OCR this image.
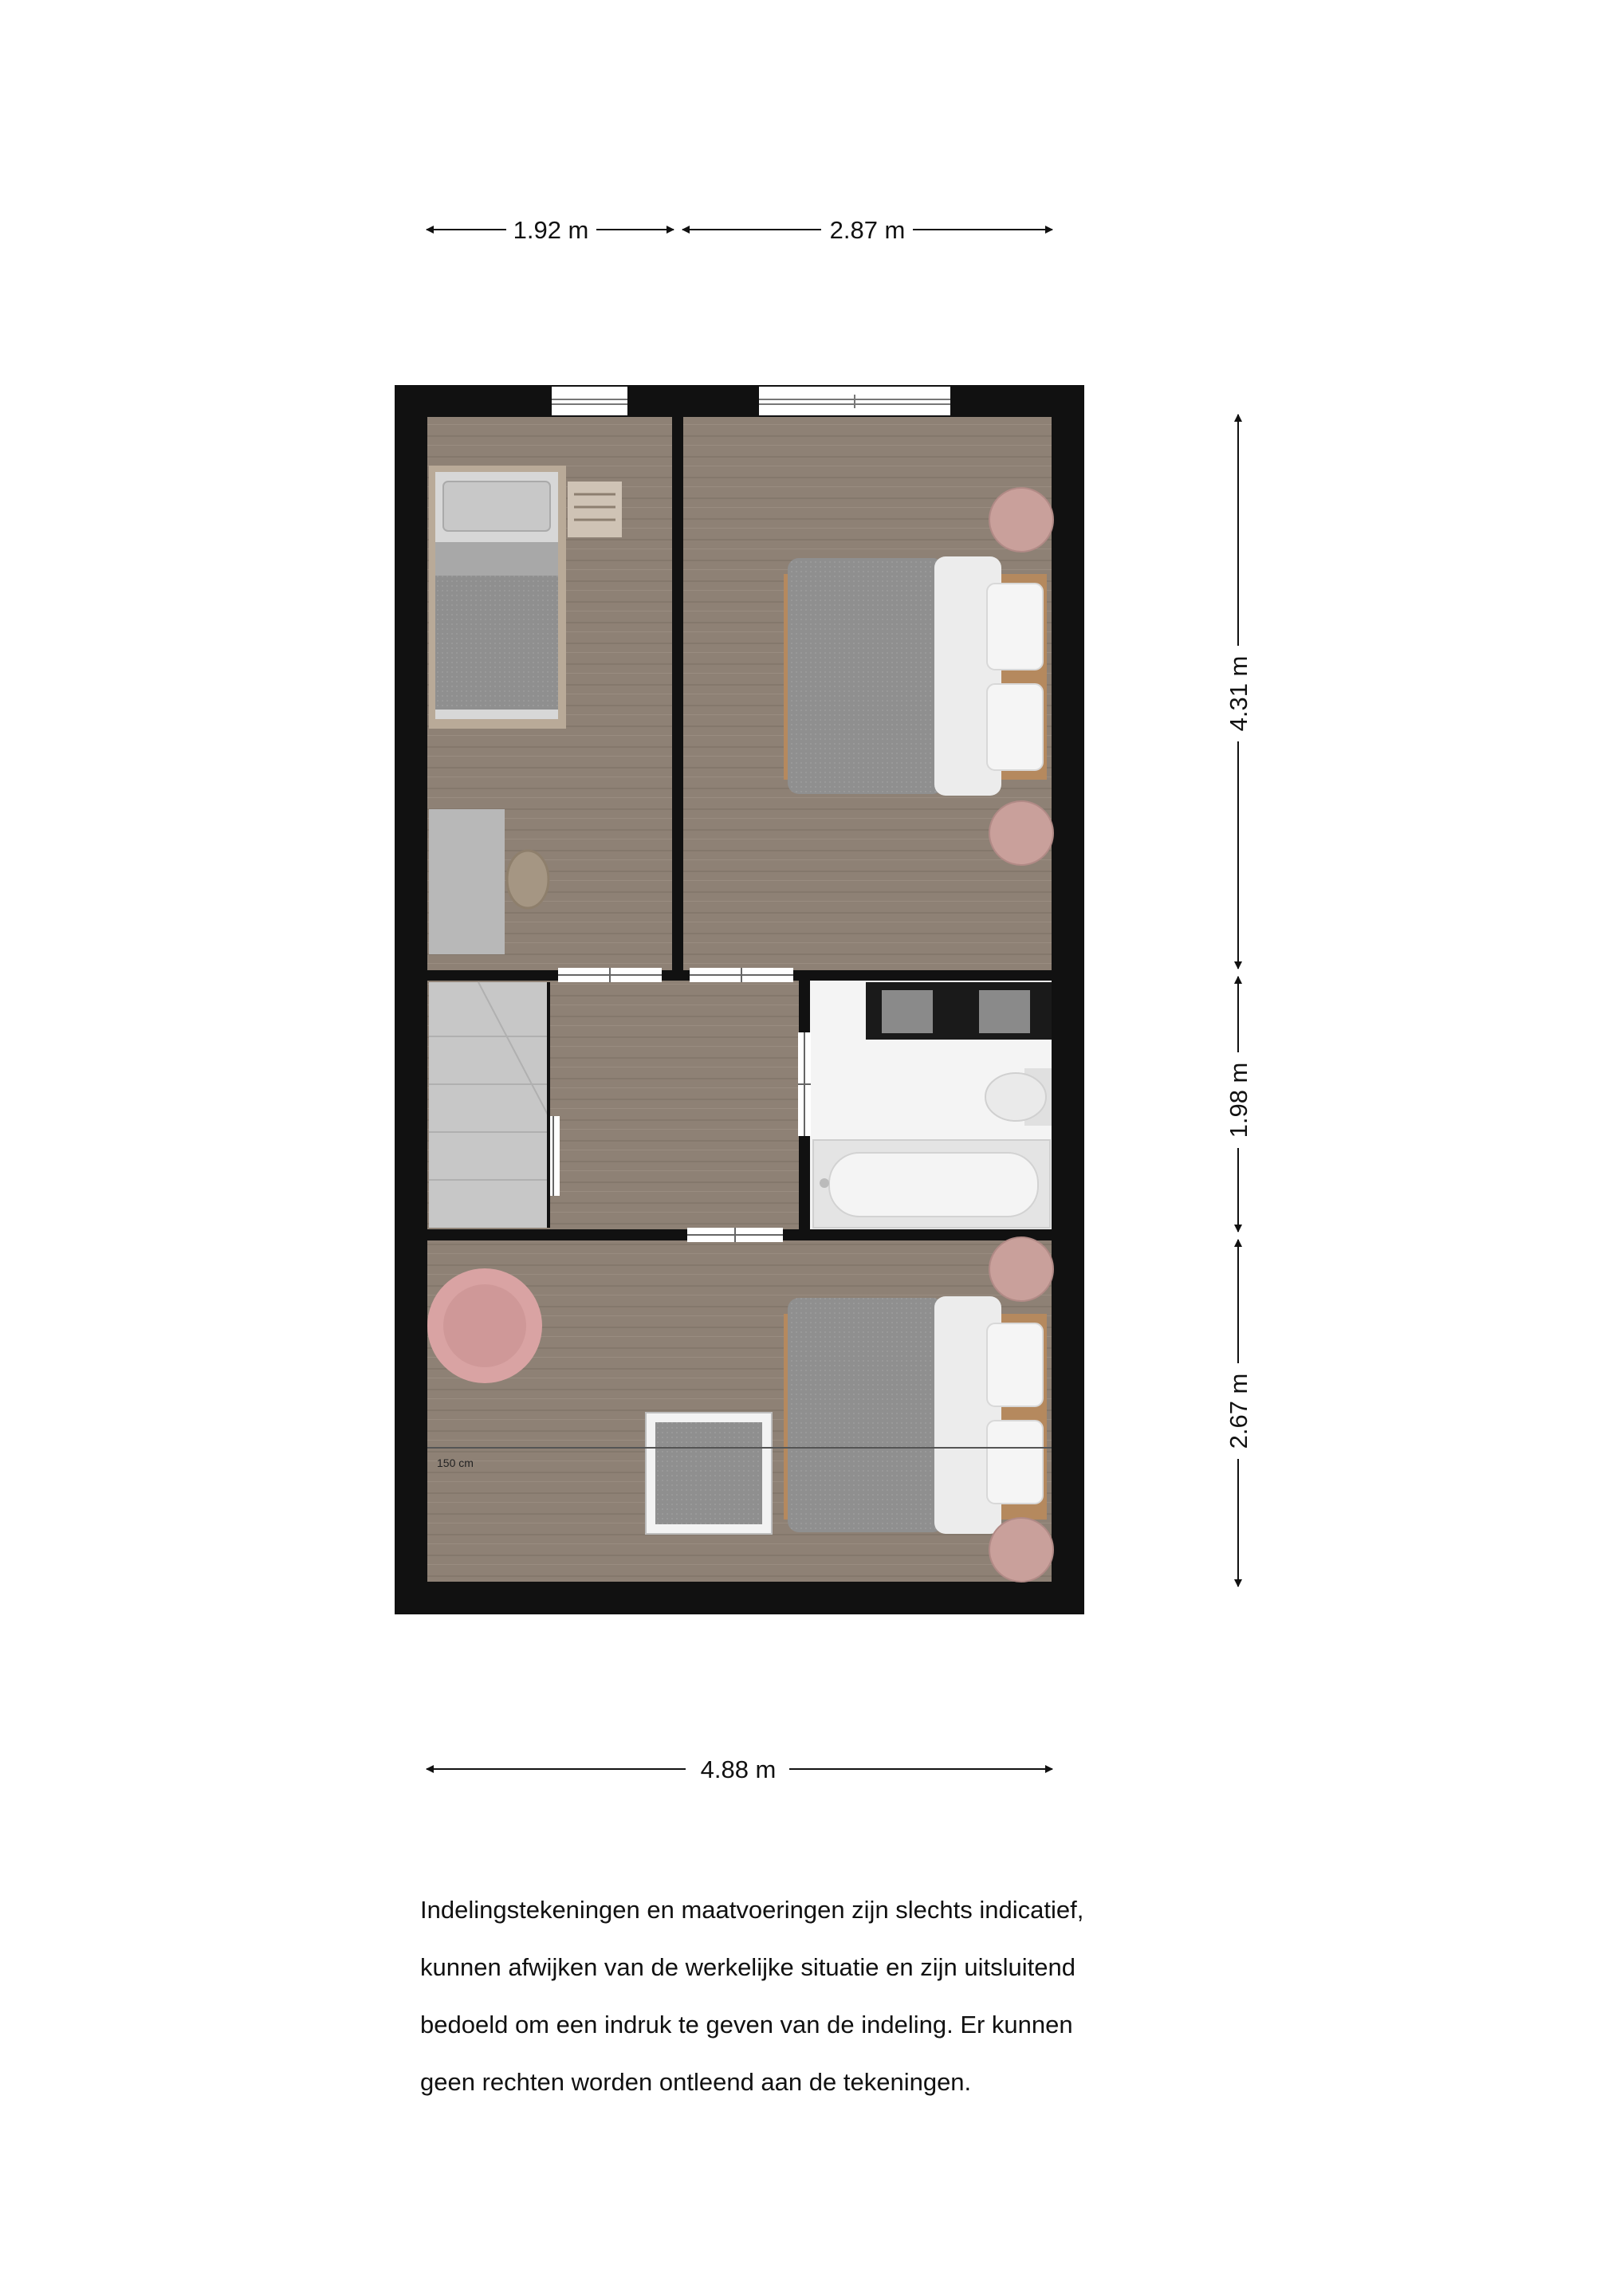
1.92 m	2.87 m
4.31 m
1.98 m
2.67 m
4.88 m
150 cm
Indelingstekeningen en maatvoeringen zijn slechts indicatief,
kunnen afwijken van de werkelijke situatie en zijn uitsluitend
bedoeld om een indruk te geven van de indeling. Er kunnen
geen rechten worden ontleend aan de tekeningen.
